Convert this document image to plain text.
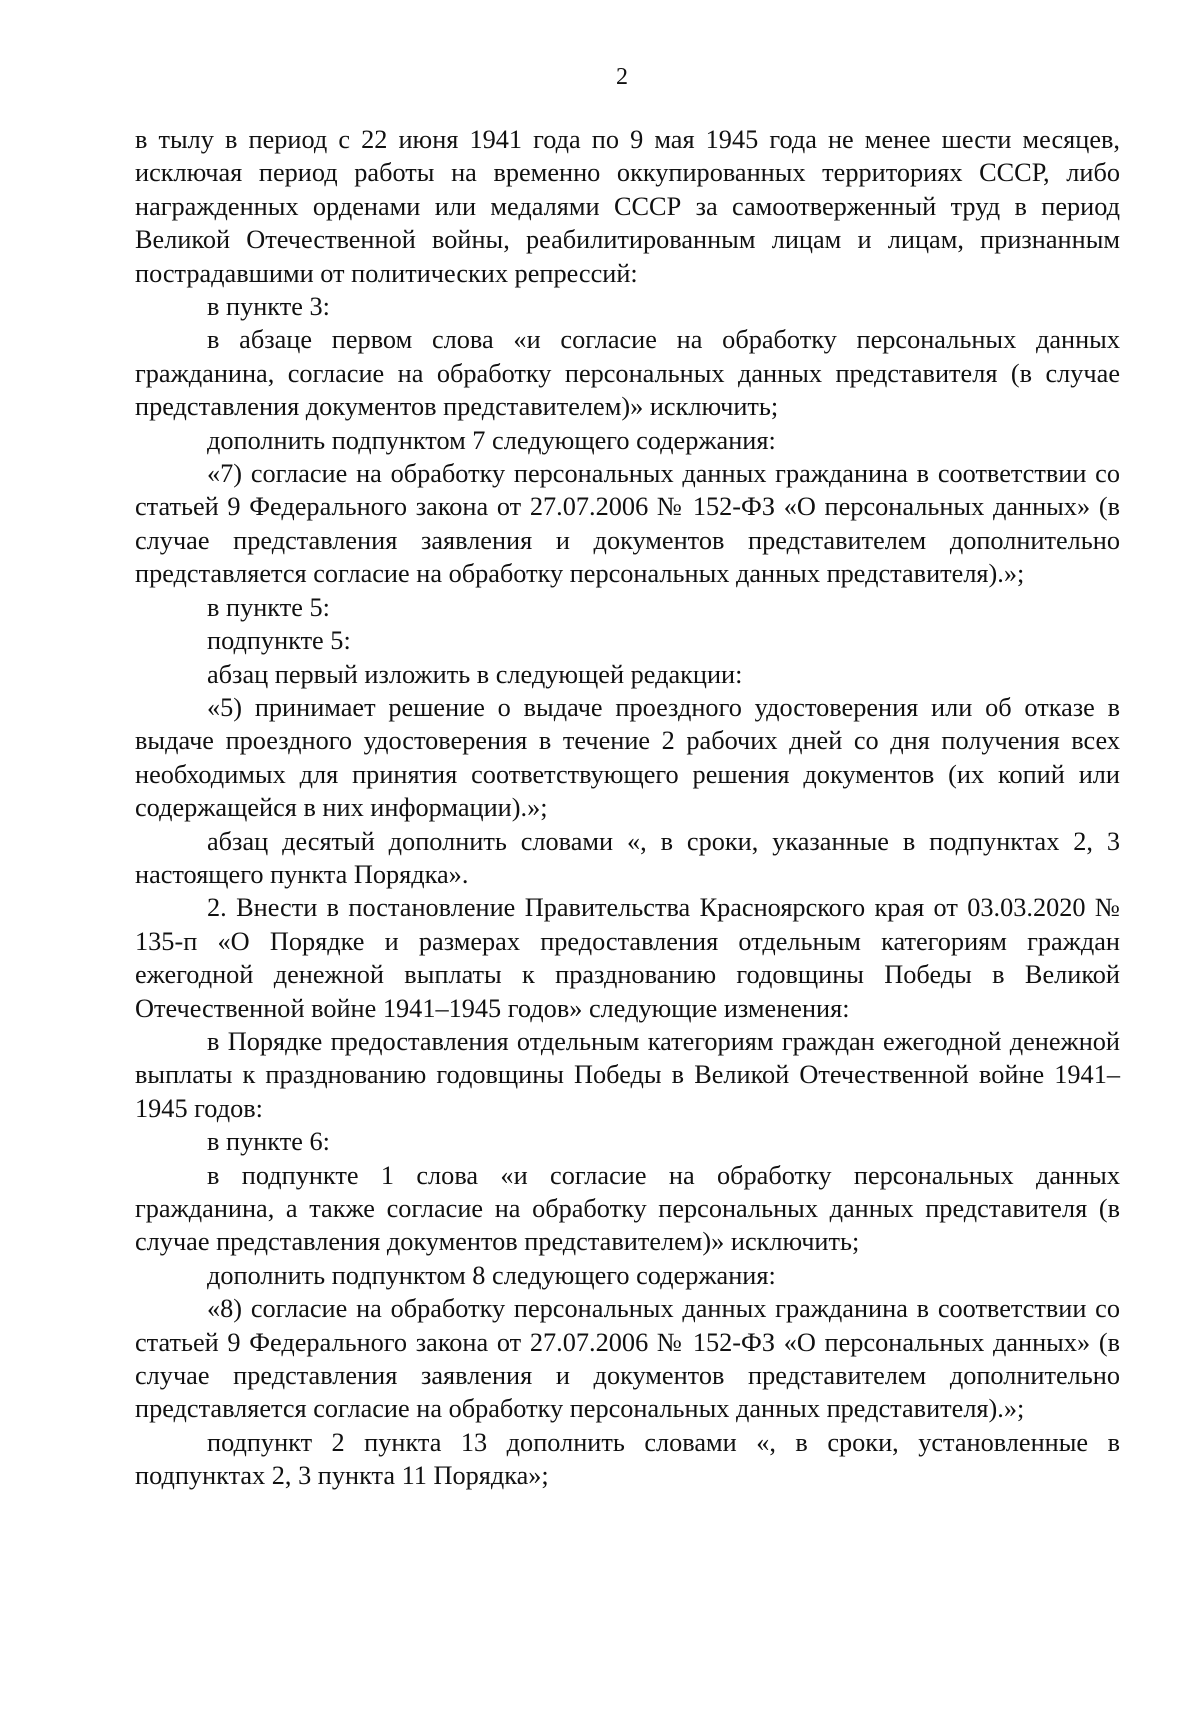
2

в тылу в период с 22 июня 1941 года по 9 мая 1945 года не менее шести месяцев, исключая период работы на временно оккупированных территориях СССР, либо награжденных орденами или медалями СССР за самоотверженный труд в период Великой Отечественной войны, реабилитированным лицам и лицам, признанным пострадавшими от политических репрессий:

в пункте 3:

в абзаце первом слова «и согласие на обработку персональных данных гражданина, согласие на обработку персональных данных представителя (в случае представления документов представителем)» исключить;

дополнить подпунктом 7 следующего содержания:

«7) согласие на обработку персональных данных гражданина в соответствии со статьей 9 Федерального закона от 27.07.2006 № 152-ФЗ «О персональных данных» (в случае представления заявления и документов представителем дополнительно представляется согласие на обработку персональных данных представителя).»;

в пункте 5:

подпункте 5:

абзац первый изложить в следующей редакции:

«5) принимает решение о выдаче проездного удостоверения или об отказе в выдаче проездного удостоверения в течение 2 рабочих дней со дня получения всех необходимых для принятия соответствующего решения документов (их копий или содержащейся в них информации).»;

абзац десятый дополнить словами «, в сроки, указанные в подпунктах 2, 3 настоящего пункта Порядка».

2. Внести в постановление Правительства Красноярского края от 03.03.2020 № 135-п «О Порядке и размерах предоставления отдельным категориям граждан ежегодной денежной выплаты к празднованию годовщины Победы в Великой Отечественной войне 1941–1945 годов» следующие изменения:

в Порядке предоставления отдельным категориям граждан ежегодной денежной выплаты к празднованию годовщины Победы в Великой Отечественной войне 1941–1945 годов:

в пункте 6:

в подпункте 1 слова «и согласие на обработку персональных данных гражданина, а также согласие на обработку персональных данных представителя (в случае представления документов представителем)» исключить;

дополнить подпунктом 8 следующего содержания:

«8) согласие на обработку персональных данных гражданина в соответствии со статьей 9 Федерального закона от 27.07.2006 № 152-ФЗ «О персональных данных» (в случае представления заявления и документов представителем дополнительно представляется согласие на обработку персональных данных представителя).»;

подпункт 2 пункта 13 дополнить словами «, в сроки, установленные в подпунктах 2, 3 пункта 11 Порядка»;
